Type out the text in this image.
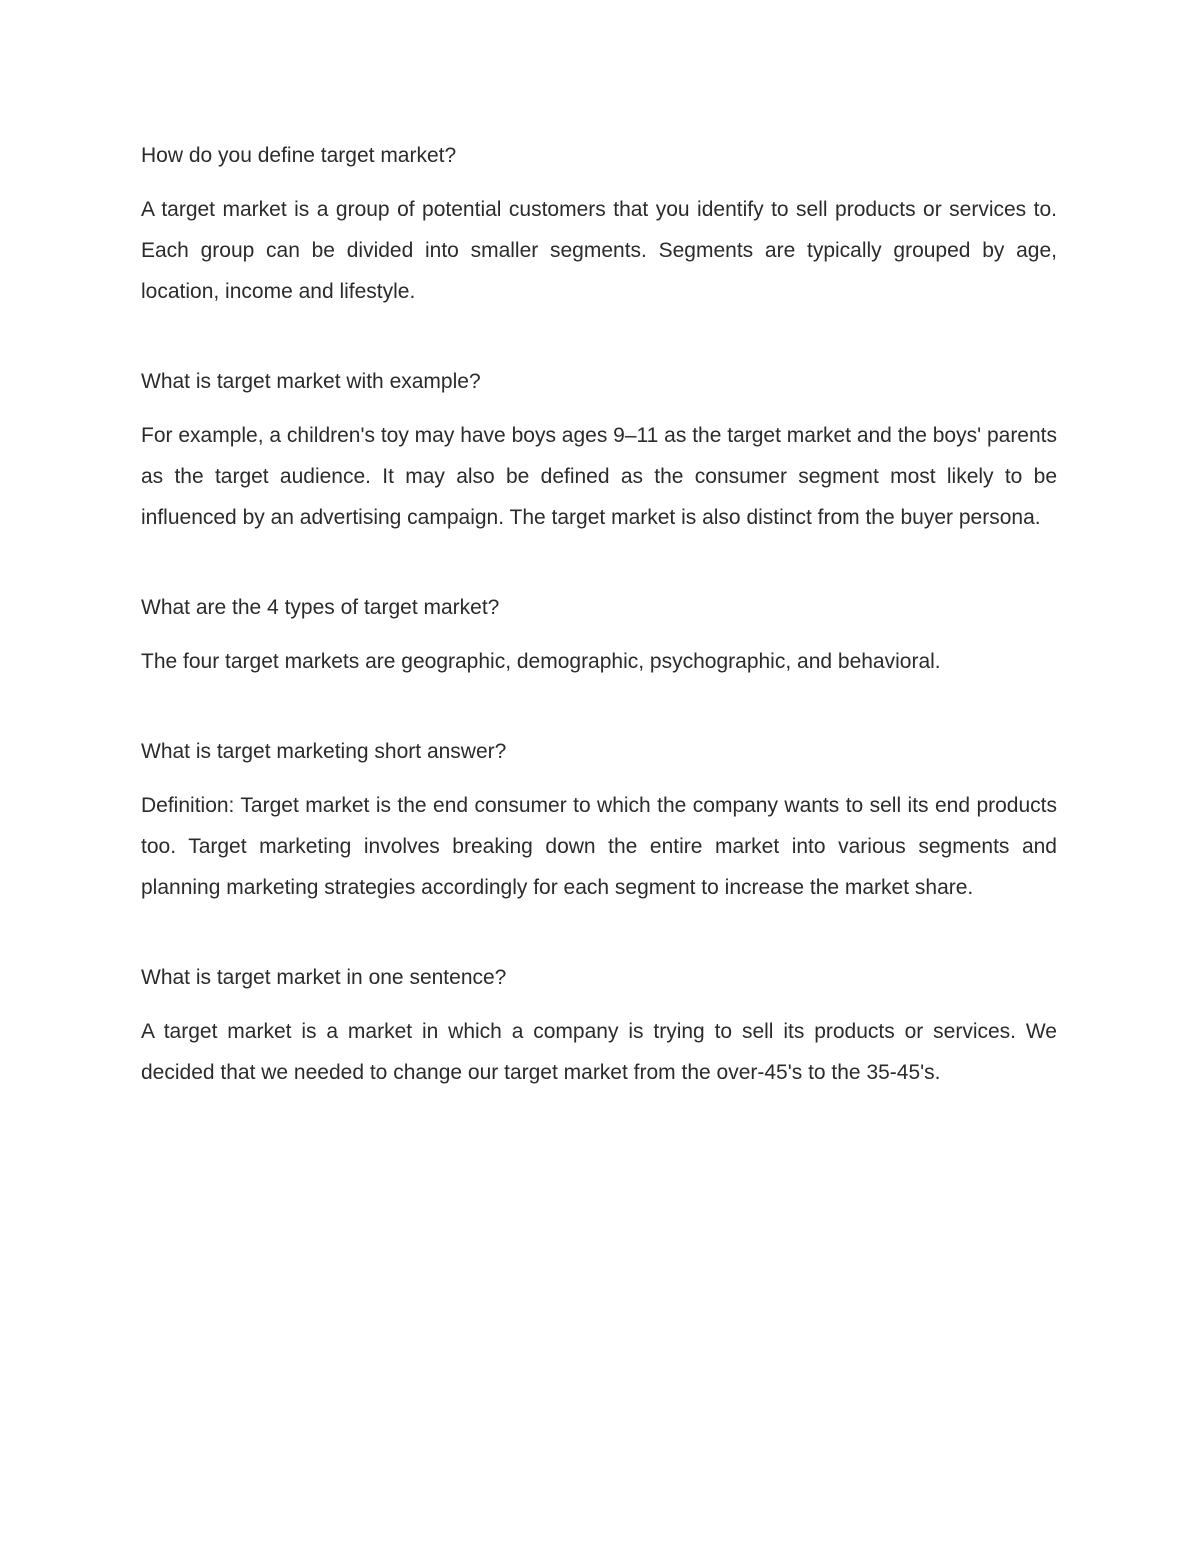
How do you define target market?

A target market is a group of potential customers that you identify to sell products or services to. Each group can be divided into smaller segments. Segments are typically grouped by age, location, income and lifestyle.

What is target market with example?

For example, a children's toy may have boys ages 9–11 as the target market and the boys' parents as the target audience. It may also be defined as the consumer segment most likely to be influenced by an advertising campaign. The target market is also distinct from the buyer persona.

What are the 4 types of target market?

The four target markets are geographic, demographic, psychographic, and behavioral.

What is target marketing short answer?

Definition: Target market is the end consumer to which the company wants to sell its end products too. Target marketing involves breaking down the entire market into various segments and planning marketing strategies accordingly for each segment to increase the market share.

What is target market in one sentence?

A target market is a market in which a company is trying to sell its products or services. We decided that we needed to change our target market from the over-45's to the 35-45's.
